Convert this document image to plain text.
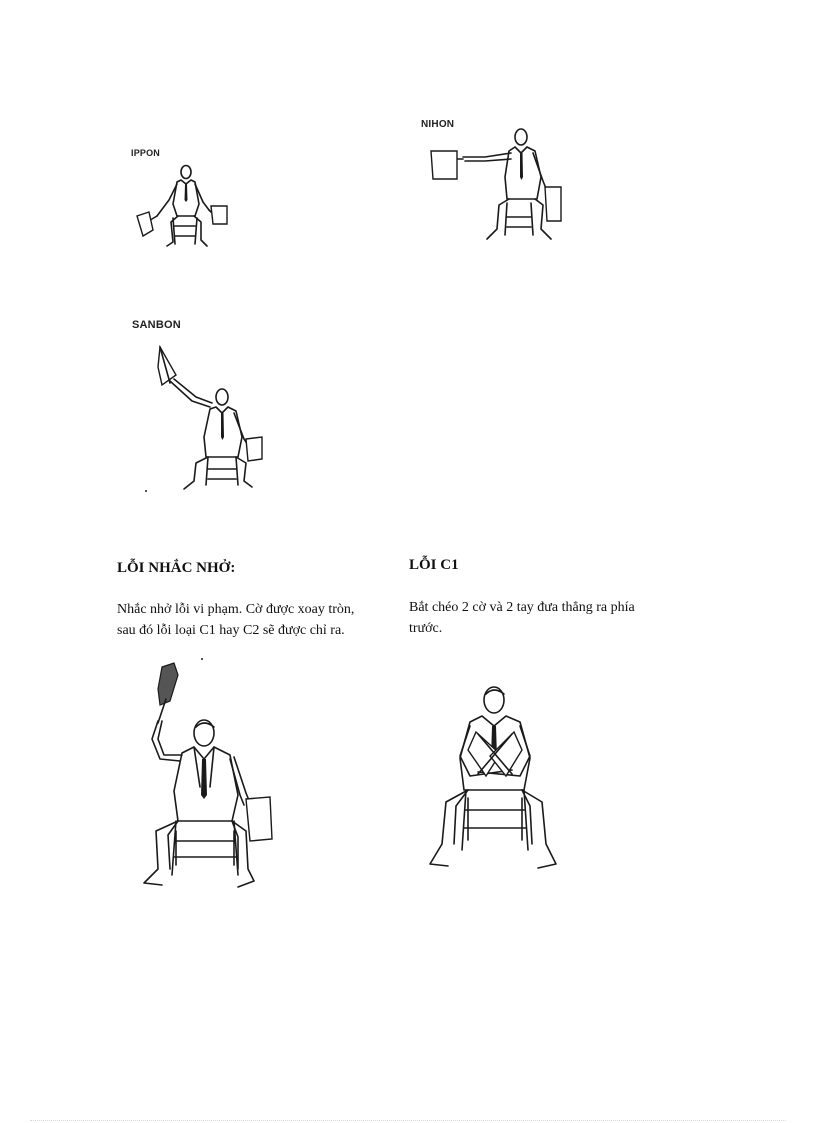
IPPON
NIHON
SANBON
LỖI NHẮC NHỞ:	LỖI C1
Nhắc nhở lỗi vi phạm. Cờ được xoay tròn,
sau đó lỗi loại C1 hay C2 sẽ được chỉ ra.
Bắt chéo 2 cờ và 2 tay đưa thẳng ra phía
trước.
